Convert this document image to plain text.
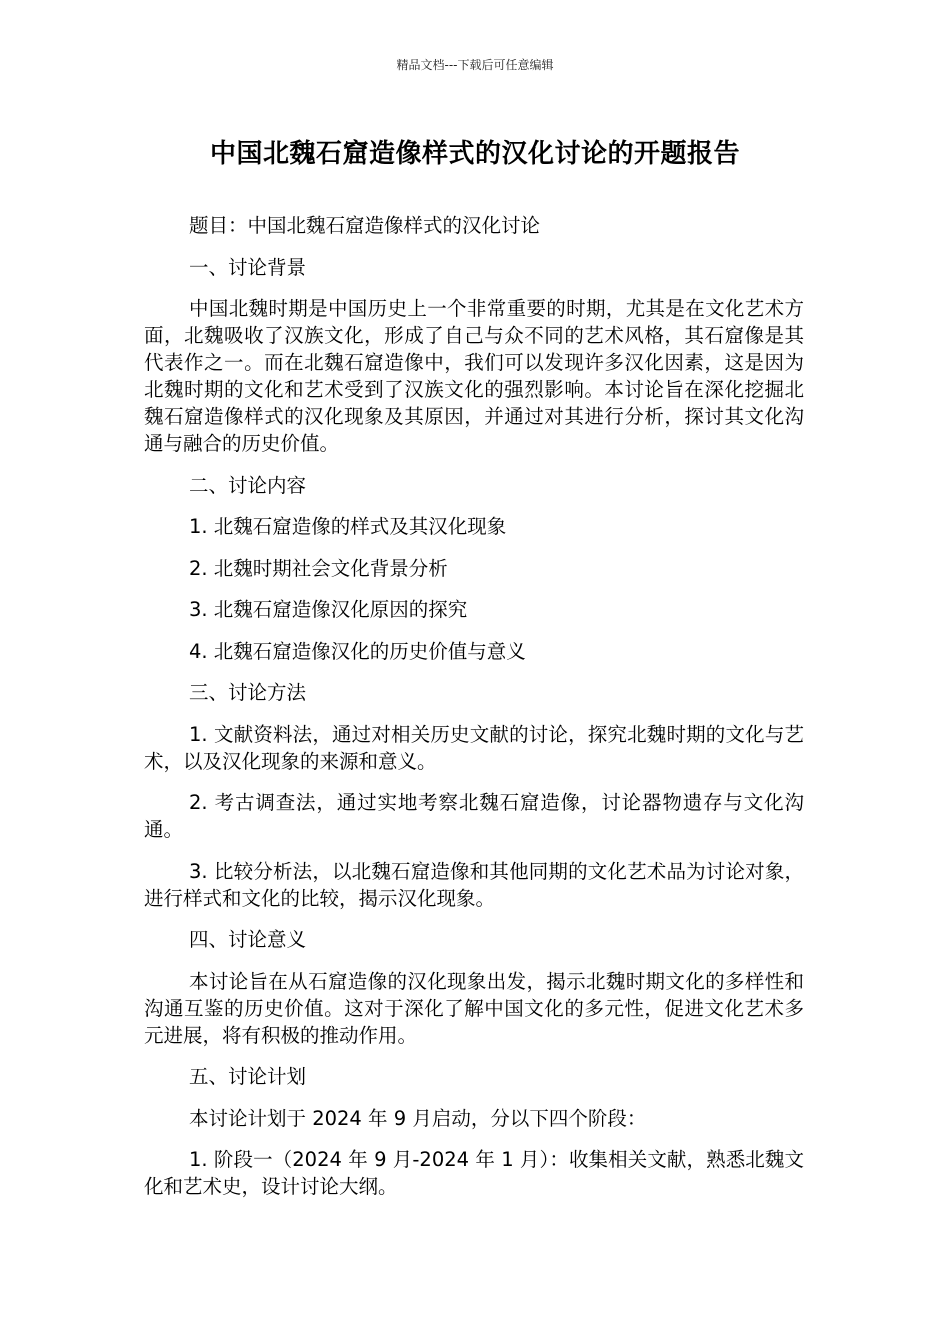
精品文档---下载后可任意编辑
中国北魏石窟造像样式的汉化讨论的开题报告

题目：中国北魏石窟造像样式的汉化讨论

一、讨论背景

中国北魏时期是中国历史上一个非常重要的时期，尤其是在文化艺术方面，北魏吸收了汉族文化，形成了自己与众不同的艺术风格，其石窟像是其代表作之一。而在北魏石窟造像中，我们可以发现许多汉化因素，这是因为北魏时期的文化和艺术受到了汉族文化的强烈影响。本讨论旨在深化挖掘北魏石窟造像样式的汉化现象及其原因，并通过对其进行分析，探讨其文化沟通与融合的历史价值。

二、讨论内容

1. 北魏石窟造像的样式及其汉化现象

2. 北魏时期社会文化背景分析

3. 北魏石窟造像汉化原因的探究

4. 北魏石窟造像汉化的历史价值与意义

三、讨论方法

1. 文献资料法，通过对相关历史文献的讨论，探究北魏时期的文化与艺术，以及汉化现象的来源和意义。

2. 考古调查法，通过实地考察北魏石窟造像，讨论器物遗存与文化沟通。

3. 比较分析法，以北魏石窟造像和其他同期的文化艺术品为讨论对象，进行样式和文化的比较，揭示汉化现象。

四、讨论意义

本讨论旨在从石窟造像的汉化现象出发，揭示北魏时期文化的多样性和沟通互鉴的历史价值。这对于深化了解中国文化的多元性，促进文化艺术多元进展，将有积极的推动作用。

五、讨论计划

本讨论计划于 2024 年 9 月启动，分以下四个阶段：

1. 阶段一（2024 年 9 月-2024 年 1 月）：收集相关文献，熟悉北魏文化和艺术史，设计讨论大纲。
